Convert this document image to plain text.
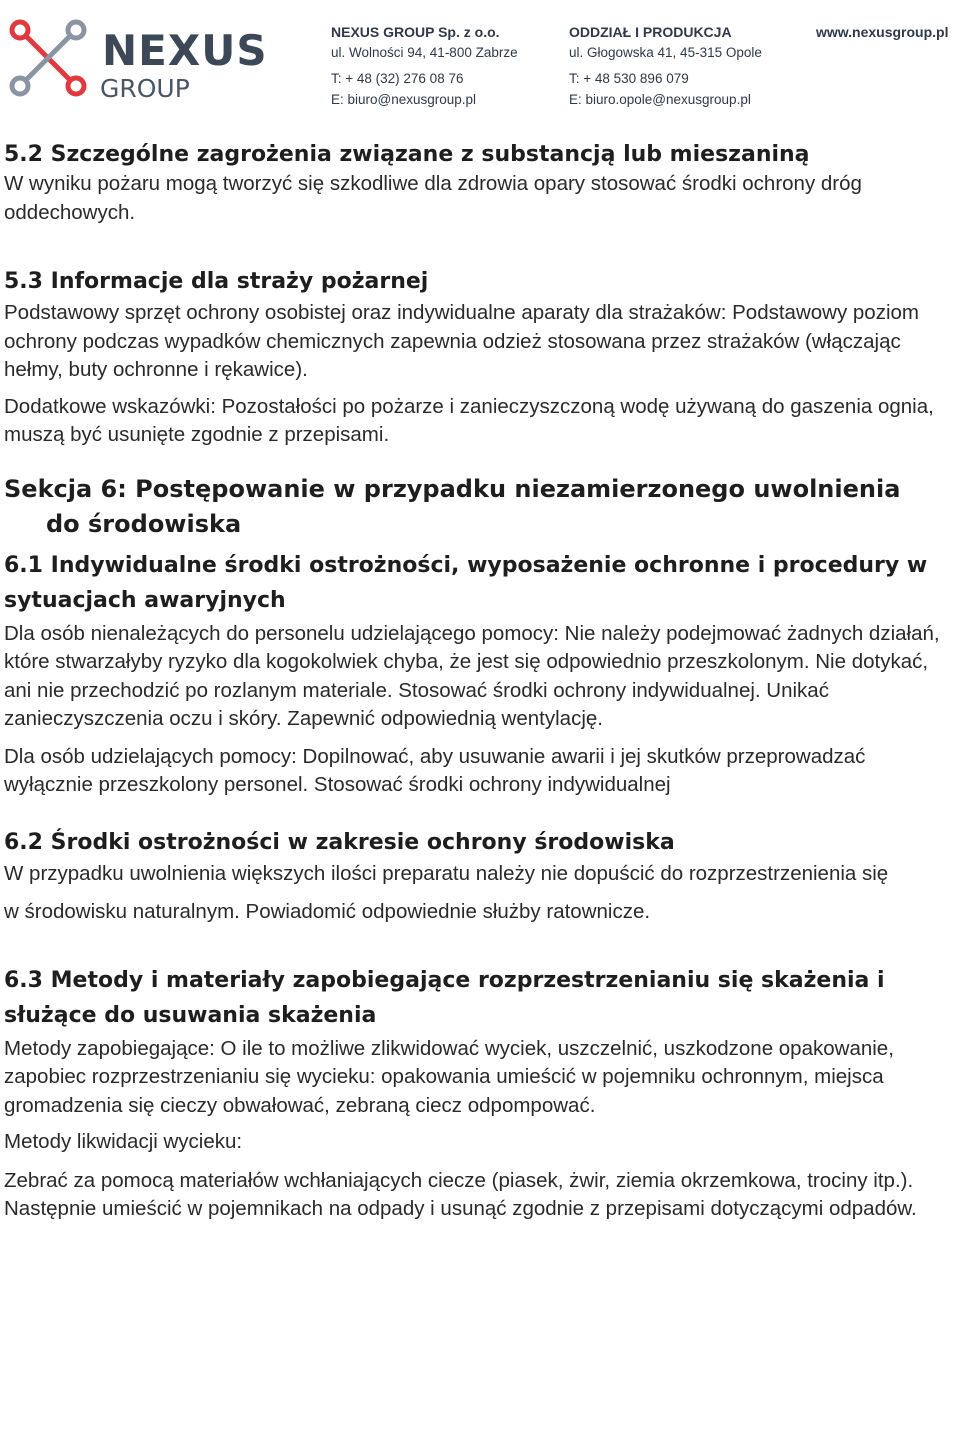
NEXUS
GROUP
NEXUS GROUP Sp. z o.o.
ul. Wolności 94, 41-800 Zabrze
T: + 48 (32) 276 08 76
E: biuro@nexusgroup.pl
ODDZIAŁ I PRODUKCJA
ul. Głogowska 41, 45-315 Opole
T: + 48 530 896 079
E: biuro.opole@nexusgroup.pl
www.nexusgroup.pl
5.2 Szczególne zagrożenia związane z substancją lub mieszaniną

W wyniku pożaru mogą tworzyć się szkodliwe dla zdrowia opary stosować środki ochrony dróg oddechowych.

5.3 Informacje dla straży pożarnej

Podstawowy sprzęt ochrony osobistej oraz indywidualne aparaty dla strażaków: Podstawowy poziom ochrony podczas wypadków chemicznych zapewnia odzież stosowana przez strażaków (włączając hełmy, buty ochronne i rękawice).

Dodatkowe wskazówki: Pozostałości po pożarze i zanieczyszczoną wodę używaną do gaszenia ognia, muszą być usunięte zgodnie z przepisami.

Sekcja 6: Postępowanie w przypadku niezamierzonego uwolnienia
do środowiska
6.1 Indywidualne środki ostrożności, wyposażenie ochronne i procedury w sytuacjach awaryjnych

Dla osób nienależących do personelu udzielającego pomocy: Nie należy podejmować żadnych działań, które stwarzałyby ryzyko dla kogokolwiek chyba, że jest się odpowiednio przeszkolonym. Nie dotykać, ani nie przechodzić po rozlanym materiale. Stosować środki ochrony indywidualnej. Unikać zanieczyszczenia oczu i skóry. Zapewnić odpowiednią wentylację.

Dla osób udzielających pomocy: Dopilnować, aby usuwanie awarii i jej skutków przeprowadzać wyłącznie przeszkolony personel. Stosować środki ochrony indywidualnej

6.2 Środki ostrożności w zakresie ochrony środowiska

W przypadku uwolnienia większych ilości preparatu należy nie dopuścić do rozprzestrzenienia się

w środowisku naturalnym. Powiadomić odpowiednie służby ratownicze.

6.3 Metody i materiały zapobiegające rozprzestrzenianiu się skażenia i służące do usuwania skażenia

Metody zapobiegające: O ile to możliwe zlikwidować wyciek, uszczelnić, uszkodzone opakowanie, zapobiec rozprzestrzenianiu się wycieku: opakowania umieścić w pojemniku ochronnym, miejsca gromadzenia się cieczy obwałować, zebraną ciecz odpompować.

Metody likwidacji wycieku:

Zebrać za pomocą materiałów wchłaniających ciecze (piasek, żwir, ziemia okrzemkowa, trociny itp.). Następnie umieścić w pojemnikach na odpady i usunąć zgodnie z przepisami dotyczącymi odpadów.
